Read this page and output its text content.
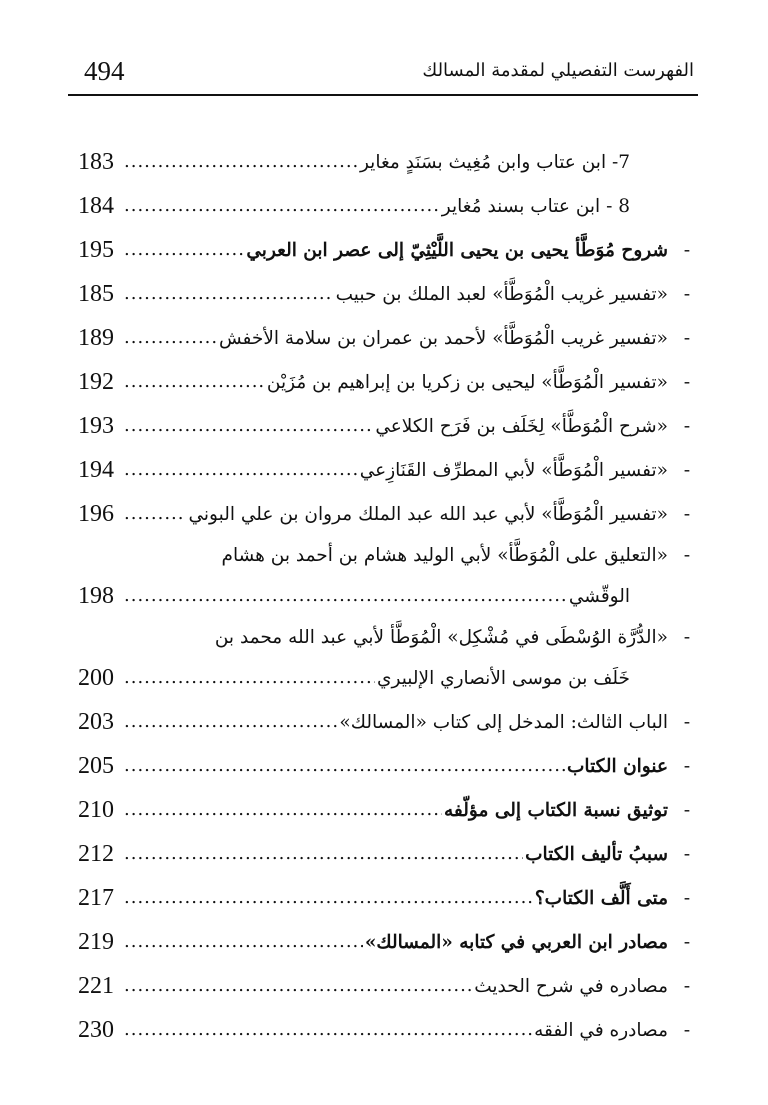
494	الفهرست التفصيلي لمقدمة المسالك
7- ابن عتاب وابن مُغِيث بسَنَدٍ مغاير
.....
183
8 - ابن عتاب بسند مُغاير
.....
184
-
شروح مُوَطَّأ يحيى بن يحيى اللَّيْثِيّ إلى عصر ابن العربي
.....
195
-
«تفسير غريب الْمُوَطَّأ» لعبد الملك بن حبيب
.....
185
-
«تفسير غريب الْمُوَطَّأ» لأحمد بن عمران بن سلامة الأخفش
.....
189
-
«تفسير الْمُوَطَّأ» ليحيى بن زكريا بن إبراهيم بن مُزَيْن
.....
192
-
«شرح الْمُوَطَّأ» لِخَلَف بن فَرَح الكلاعي
.....
193
-
«تفسير الْمُوَطَّأ» لأبي المطرِّف القَنَازِعي
.....
194
-
«تفسير الْمُوَطَّأ» لأبي عبد الله عبد الملك مروان بن علي البوني
.....
196
-
«التعليق على الْمُوَطَّأ» لأبي الوليد هشام بن أحمد بن هشام
الوقّشي
.....
198
-
«الدُّرَّة الوُسْطَى في مُشْكِل» الْمُوَطَّأ لأبي عبد الله محمد بن
خَلَف بن موسى الأنصاري الإلبيري
.....
200
-
الباب الثالث: المدخل إلى كتاب «المسالك»
.....
203
-
عنوان الكتاب
.....
205
-
توثيق نسبة الكتاب إلى مؤلّفه
.....
210
-
سببُ تأليف الكتاب
.....
212
-
متى أَلَّف الكتاب؟
.....
217
-
مصادر ابن العربي في كتابه «المسالك»
.....
219
-
مصادره في شرح الحديث
.....
221
-
مصادره في الفقه
.....
230
